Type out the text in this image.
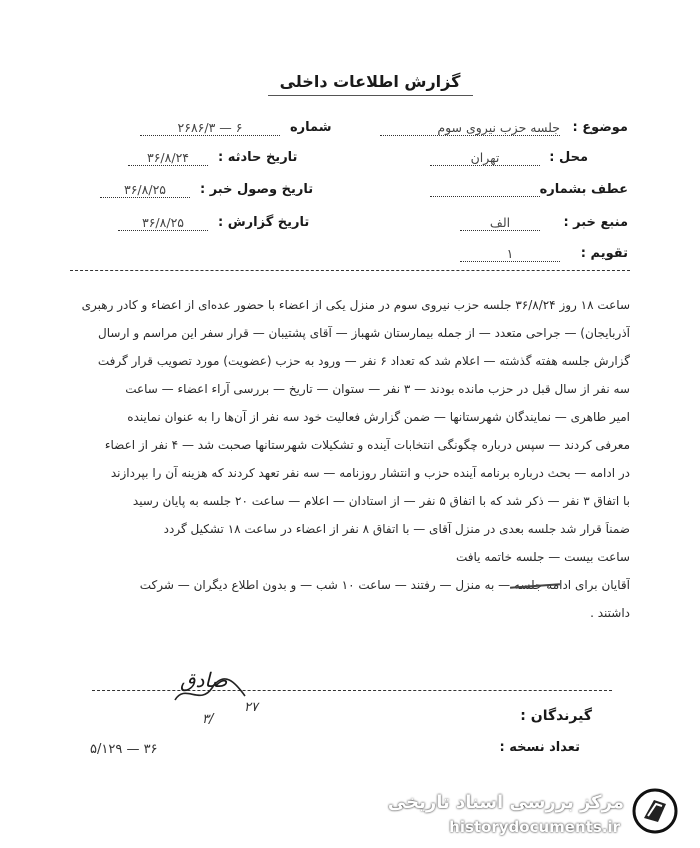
گزارش اطلاعات داخلی
موضوع :
جلسه حزب نیروی سوم
شماره
۲۶۸۶/۳ — ۶
محل :
تهران
تاریخ حادثه :
۳۶/۸/۲۴
عطف بشماره
تاریخ وصول خبر :
۳۶/۸/۲۵
منبع خبر :
الف
تاریخ گزارش :
۳۶/۸/۲۵
تقویم :
۱
ساعت ۱۸ روز ۳۶/۸/۲۴ جلسه حزب نیروی سوم در منزل یکی از اعضاء با حضور عده‌ای از اعضاء و کادر رهبری
آذربایجان) — جراحی متعدد — از جمله بیمارستان شهباز — آقای پشتیبان — قرار سفر این مراسم و ارسال
گزارش جلسه هفته گذشته — اعلام شد که تعداد ۶ نفر — ورود به حزب (عضویت) مورد تصویب قرار گرفت
سه نفر از سال قبل در حزب مانده بودند — ۳ نفر — ستوان — تاریخ — بررسی آراء اعضاء — ساعت
امیر طاهری — نمایندگان شهرستانها — ضمن گزارش فعالیت خود سه نفر از آن‌ها را به عنوان نماینده
معرفی کردند — سپس درباره چگونگی انتخابات آینده و تشکیلات شهرستانها صحبت شد — ۴ نفر از اعضاء
در ادامه — بحث درباره برنامه آینده حزب و انتشار روزنامه — سه نفر تعهد کردند که هزینه آن را بپردازند
با اتفاق ۳ نفر — ذکر شد که با اتفاق ۵ نفر — از استادان — اعلام — ساعت ۲۰ جلسه به پایان رسید
ضمناً قرار شد جلسه بعدی در منزل آقای — با اتفاق ۸ نفر از اعضاء در ساعت ۱۸ تشکیل گردد
ساعت بیست — جلسه خاتمه یافت
آقایان برای ادامه جلسه — به منزل — رفتند — ساعت ۱۰ شب — و بدون اطلاع دیگران — شرکت
داشتند .
صادق
۲۷
۳/	گیرندگان :
تعداد نسخه :
۵/۱۲۹ — ۳۶
مرکز بررسی اسناد تاریخی
historydocuments.ir
